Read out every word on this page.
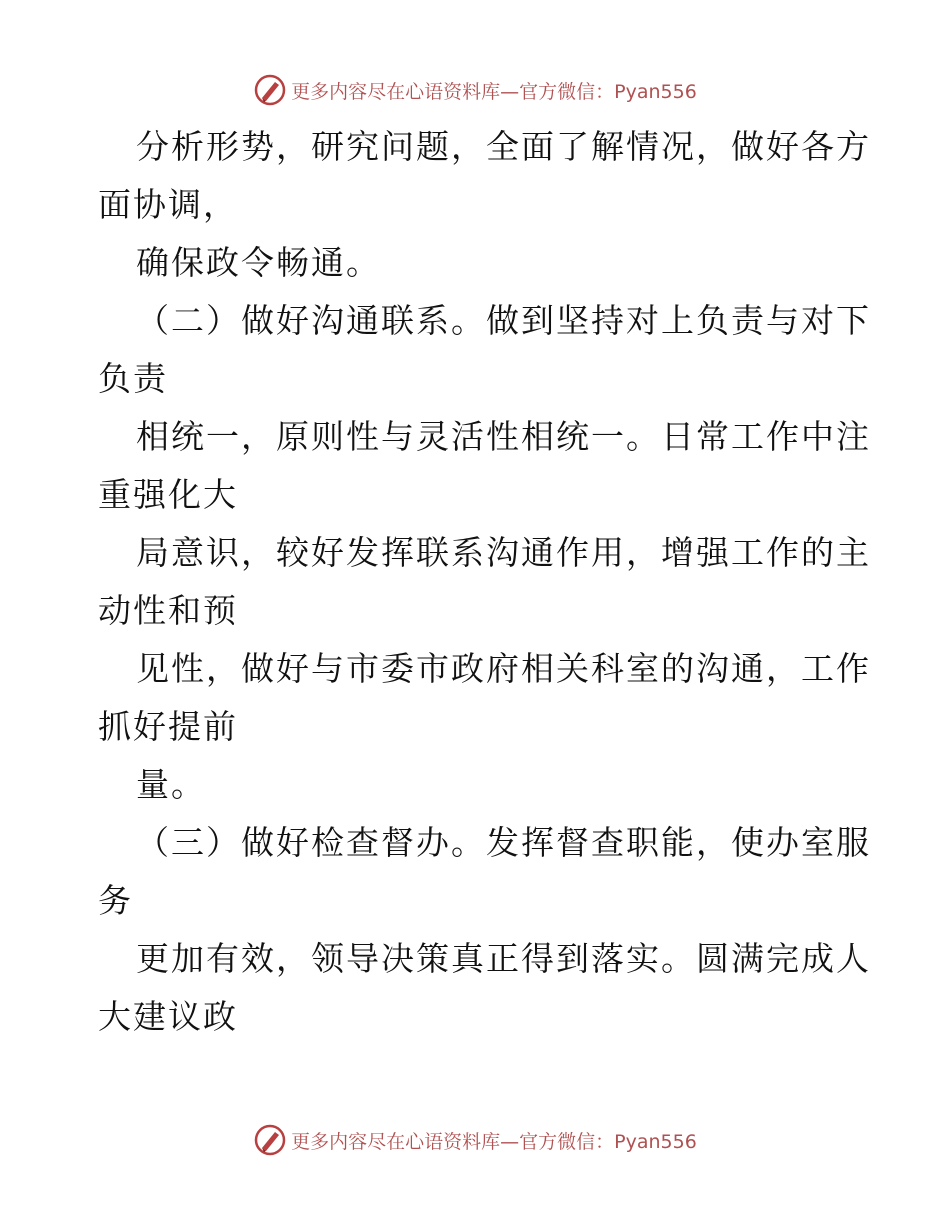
更多内容尽在心语资料库—官方微信：Pyan556
分析形势，研究问题，全面了解情况，做好各方
面协调，
确保政令畅通。
（二）做好沟通联系。做到坚持对上负责与对下
负责
相统一，原则性与灵活性相统一。日常工作中注
重强化大
局意识，较好发挥联系沟通作用，增强工作的主
动性和预
见性，做好与市委市政府相关科室的沟通，工作
抓好提前
量。
（三）做好检查督办。发挥督查职能，使办室服
务
更加有效，领导决策真正得到落实。圆满完成人
大建议政
更多内容尽在心语资料库—官方微信：Pyan556
